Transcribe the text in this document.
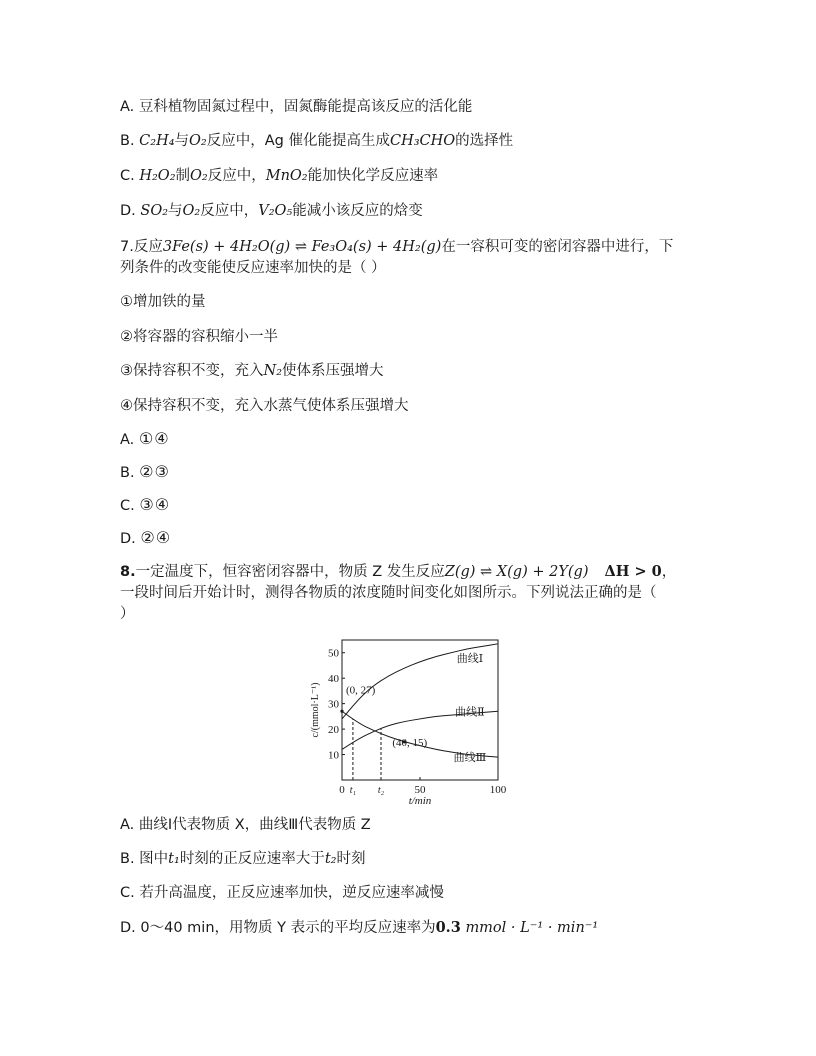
A. 豆科植物固氮过程中，固氮酶能提高该反应的活化能
B. C₂H₄与O₂反应中，Ag 催化能提高生成CH₃CHO的选择性
C. H₂O₂制O₂反应中，MnO₂能加快化学反应速率
D. SO₂与O₂反应中，V₂O₅能减小该反应的焓变
7.反应3Fe(s) + 4H₂O(g) ⇌ Fe₃O₄(s) + 4H₂(g)在一容积可变的密闭容器中进行，下
列条件的改变能使反应速率加快的是（ ）
①增加铁的量
②将容器的容积缩小一半
③保持容积不变，充入N₂使体系压强增大
④保持容积不变，充入水蒸气使体系压强增大
A. ①④
B. ②③
C. ③④
D. ②④
8.一定温度下，恒容密闭容器中，物质 Z 发生反应Z(g) ⇌ X(g) + 2Y(g) ΔH > 0，
一段时间后开始计时，测得各物质的浓度随时间变化如图所示。下列说法正确的是（
）
10
20
30
40
50
0	50	100
曲线Ⅰ
曲线Ⅱ
曲线Ⅲ
t₁ t₂
(0, 27)
(40, 15)
c/(mmol·L⁻¹)
t/min
A. 曲线Ⅰ代表物质 X，曲线Ⅲ代表物质 Z
B. 图中t₁时刻的正反应速率大于t₂时刻
C. 若升高温度，正反应速率加快，逆反应速率减慢
D. 0～40 min，用物质 Y 表示的平均反应速率为0.3 mmol · L⁻¹ · min⁻¹
